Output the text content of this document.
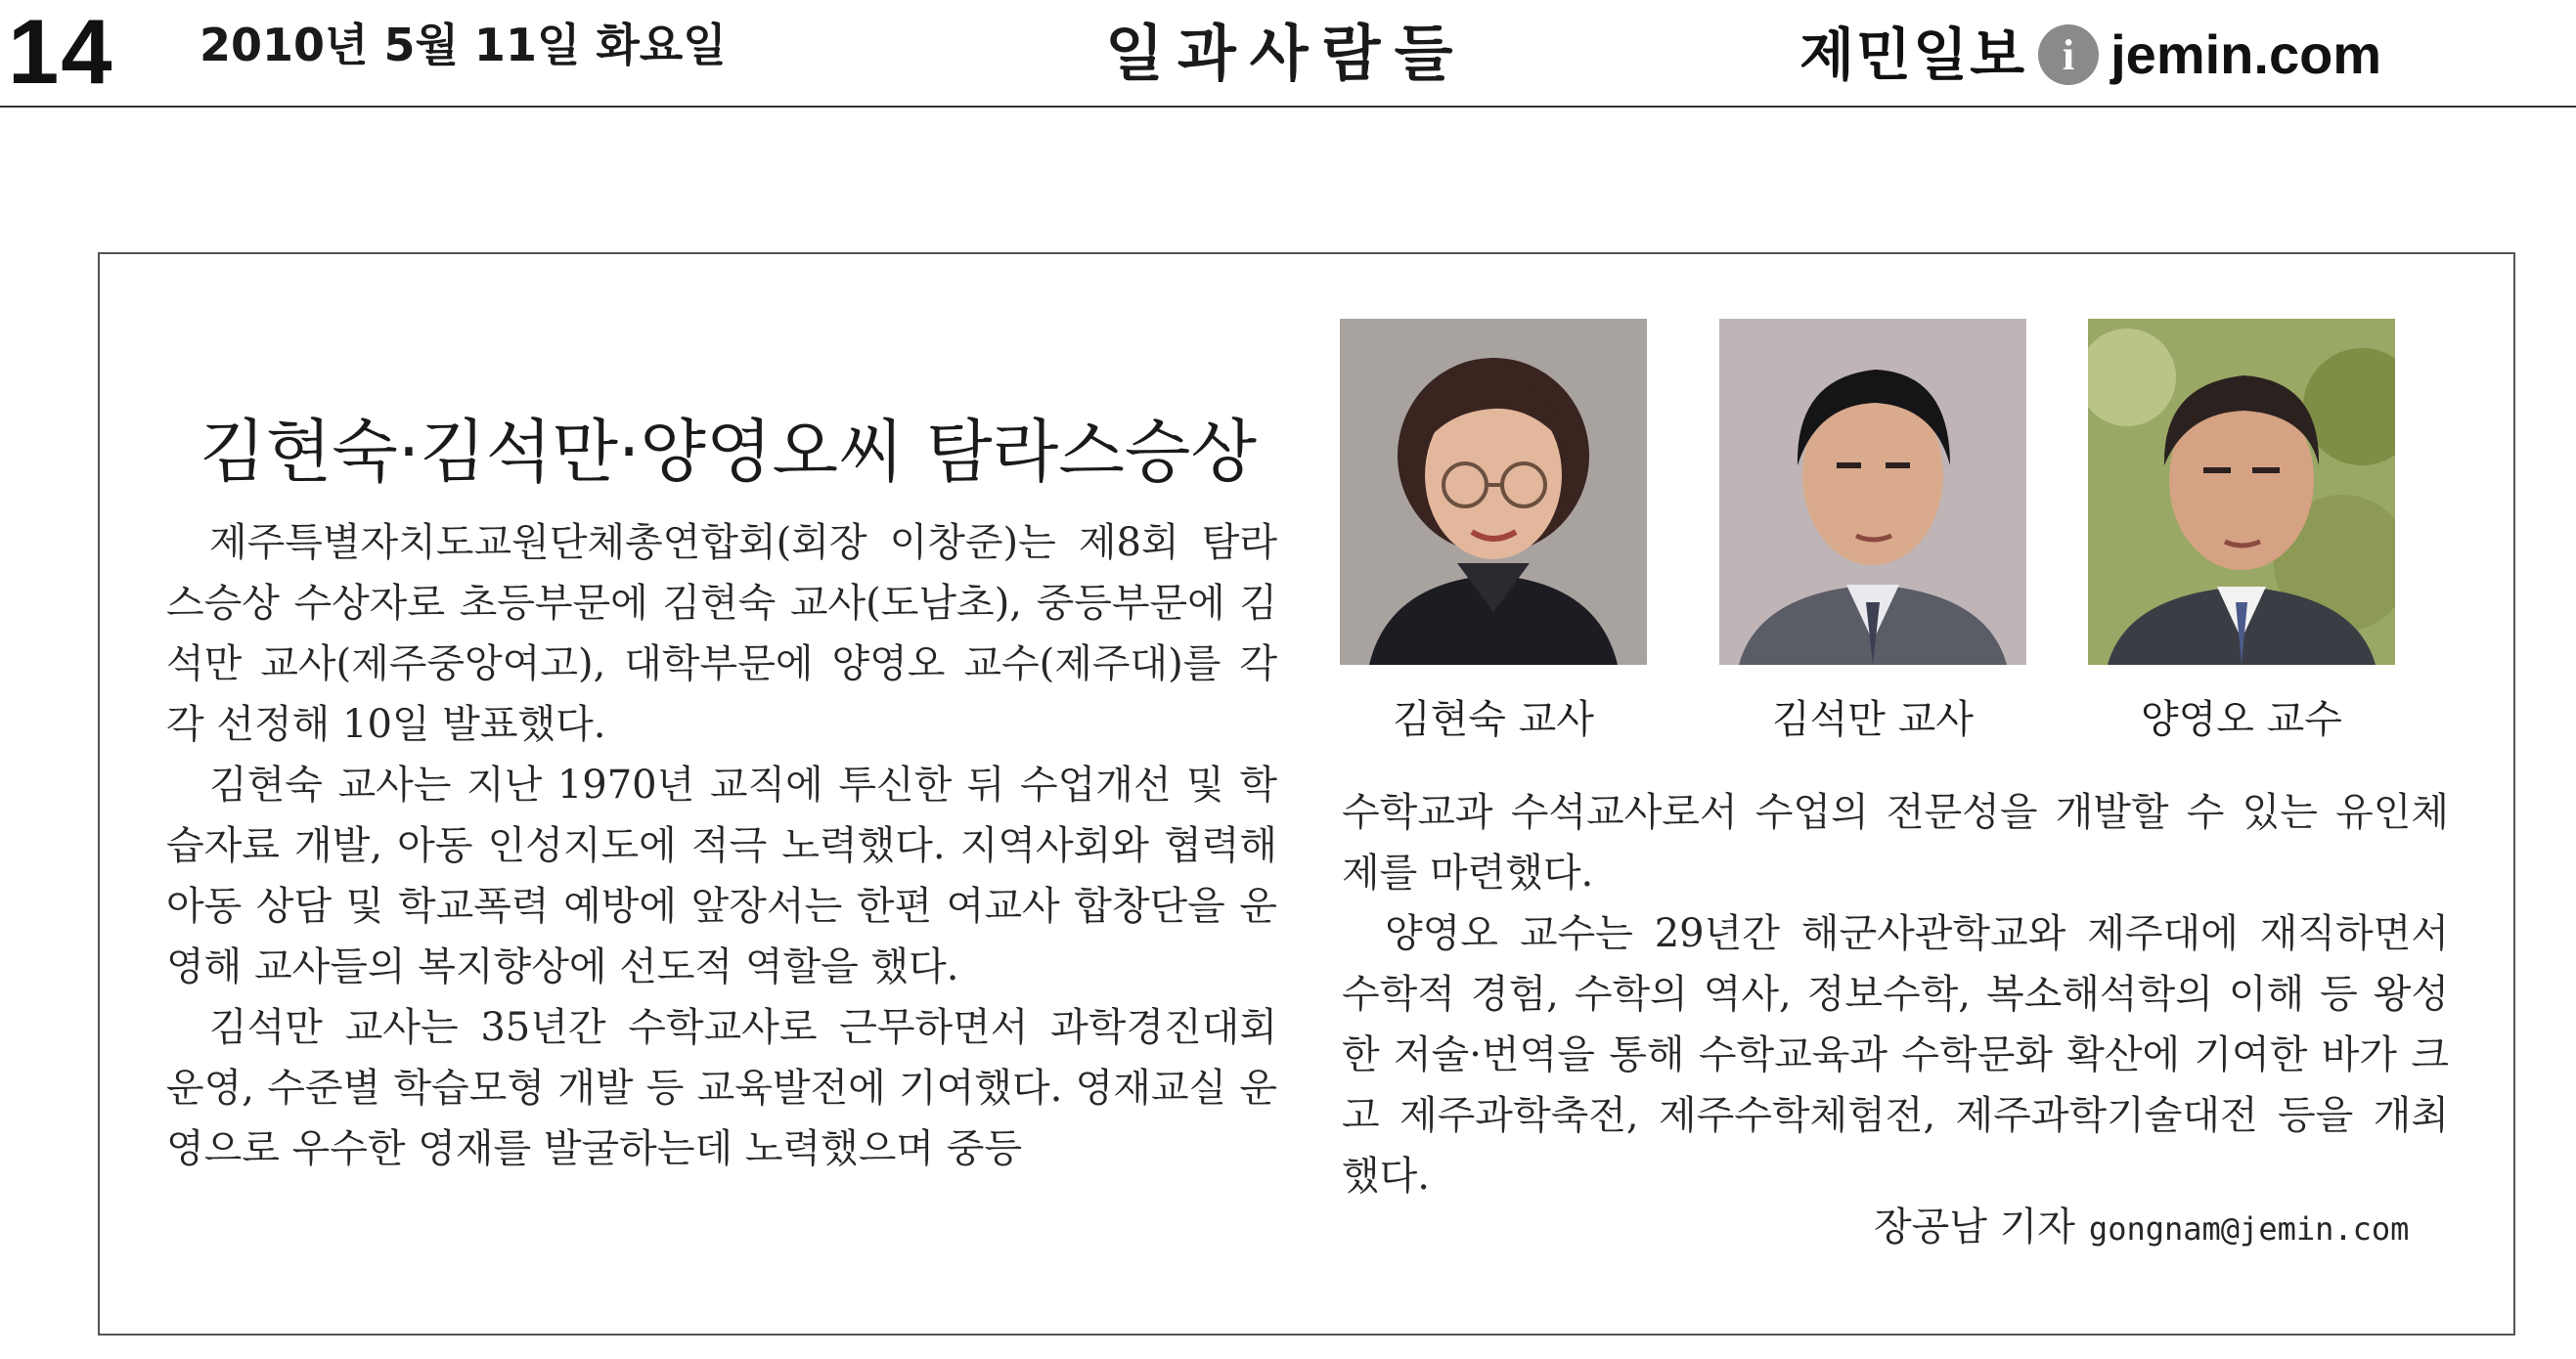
14 2010년 5월 11일 화요일	일과사람들	제민일보 i jemin.com
김현숙·김석만·양영오씨 탐라스승상

제주특별자치도교원단체총연합회(회장 이창준)는 제8회 탐라스승상 수상자로 초등부문에 김현숙 교사(도남초), 중등부문에 김석만 교사(제주중앙여고), 대학부문에 양영오 교수(제주대)를 각각 선정해 10일 발표했다.

김현숙 교사는 지난 1970년 교직에 투신한 뒤 수업개선 및 학습자료 개발, 아동 인성지도에 적극 노력했다. 지역사회와 협력해 아동 상담 및 학교폭력 예방에 앞장서는 한편 여교사 합창단을 운영해 교사들의 복지향상에 선도적 역할을 했다.

김석만 교사는 35년간 수학교사로 근무하면서 과학경진대회 운영, 수준별 학습모형 개발 등 교육발전에 기여했다. 영재교실 운영으로 우수한 영재를 발굴하는데 노력했으며 중등

수학교과 수석교사로서 수업의 전문성을 개발할 수 있는 유인체제를 마련했다.

양영오 교수는 29년간 해군사관학교와 제주대에 재직하면서 수학적 경험, 수학의 역사, 정보수학, 복소해석학의 이해 등 왕성한 저술·번역을 통해 수학교육과 수학문화 확산에 기여한 바가 크고 제주과학축전, 제주수학체험전, 제주과학기술대전 등을 개최했다.

장공남 기자 gongnam@jemin.com
김현숙 교사	김석만 교사	양영오 교수
